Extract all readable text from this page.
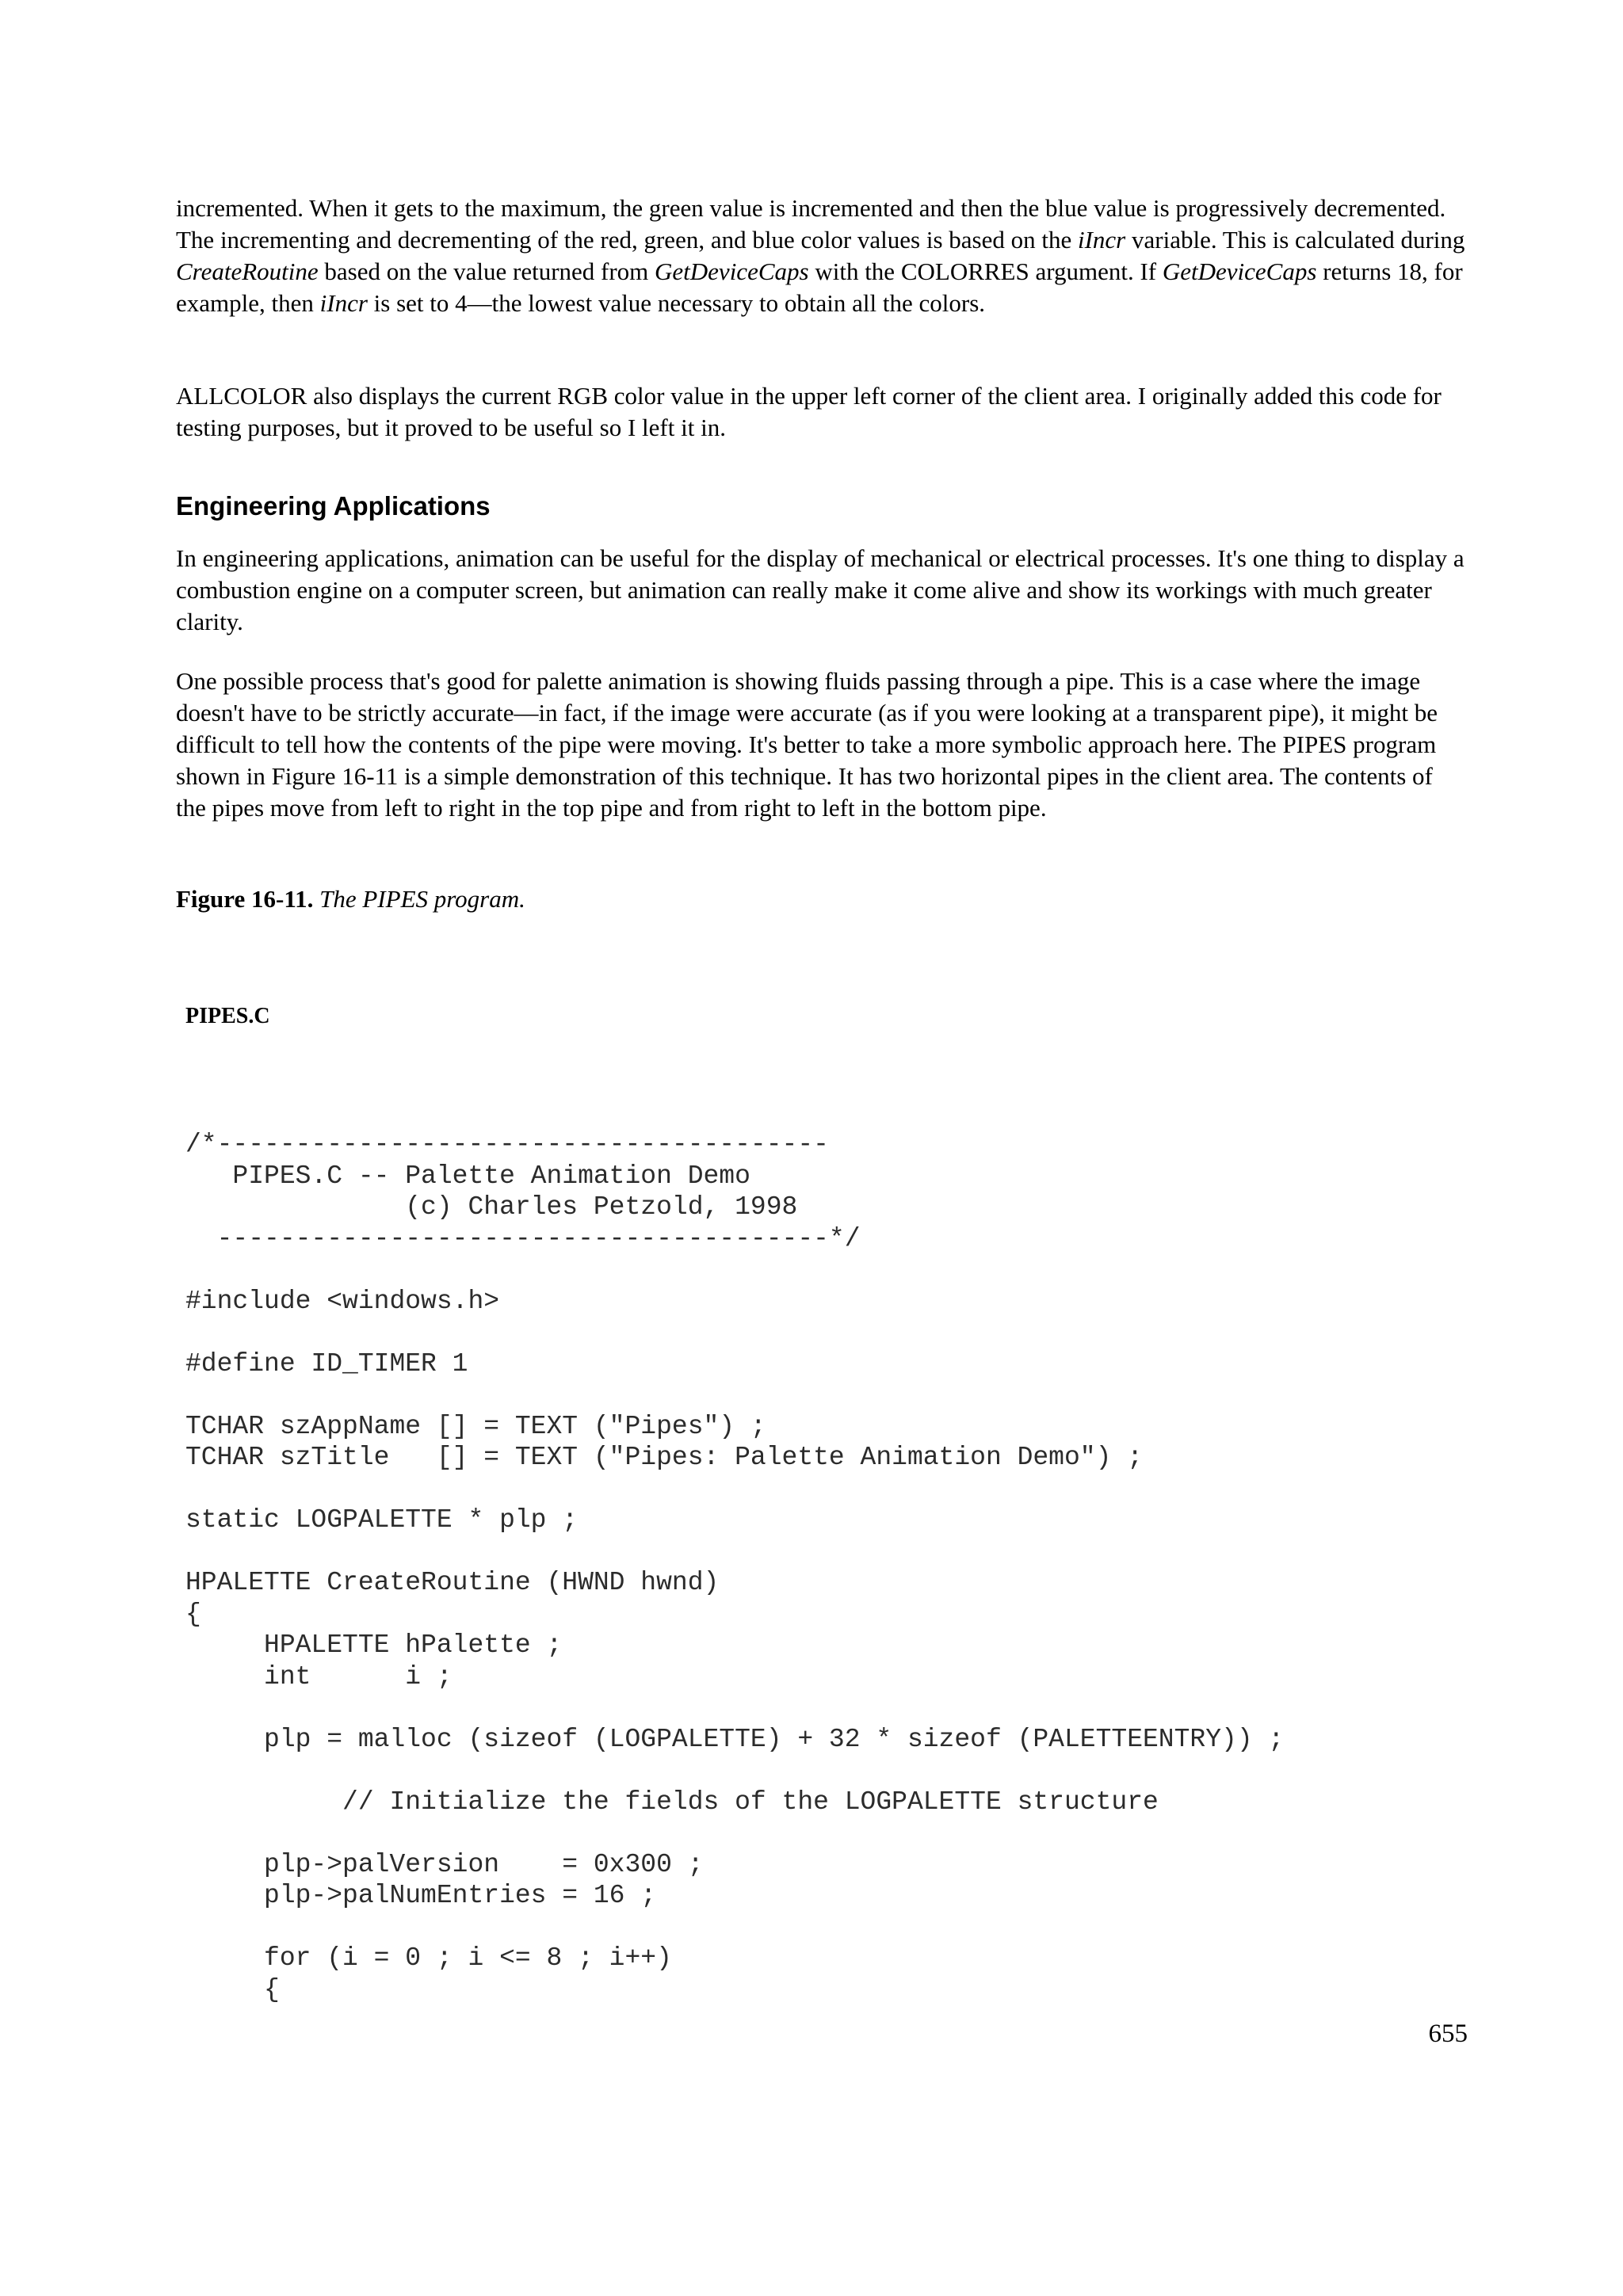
incremented. When it gets to the maximum, the green value is incremented and then the blue value is progressively decremented. The incrementing and decrementing of the red, green, and blue color values is based on the iIncr variable. This is calculated during CreateRoutine based on the value returned from GetDeviceCaps with the COLORRES argument. If GetDeviceCaps returns 18, for example, then iIncr is set to 4—the lowest value necessary to obtain all the colors.

ALLCOLOR also displays the current RGB color value in the upper left corner of the client area. I originally added this code for testing purposes, but it proved to be useful so I left it in.

Engineering Applications

In engineering applications, animation can be useful for the display of mechanical or electrical processes. It's one thing to display a combustion engine on a computer screen, but animation can really make it come alive and show its workings with much greater clarity.

One possible process that's good for palette animation is showing fluids passing through a pipe. This is a case where the image doesn't have to be strictly accurate—in fact, if the image were accurate (as if you were looking at a transparent pipe), it might be difficult to tell how the contents of the pipe were moving. It's better to take a more symbolic approach here. The PIPES program shown in Figure 16-11 is a simple demonstration of this technique. It has two horizontal pipes in the client area. The contents of the pipes move from left to right in the top pipe and from right to left in the bottom pipe.

Figure 16-11. The PIPES program.

PIPES.C

/*---------------------------------------
PIPES.C -- Palette Animation Demo
(c) Charles Petzold, 1998
---------------------------------------*/

#include <windows.h>

#define ID_TIMER 1

TCHAR szAppName [] = TEXT ("Pipes") ;
TCHAR szTitle   [] = TEXT ("Pipes: Palette Animation Demo") ;

static LOGPALETTE * plp ;

HPALETTE CreateRoutine (HWND hwnd)
{
HPALETTE hPalette ;
int      i ;

plp = malloc (sizeof (LOGPALETTE) + 32 * sizeof (PALETTEENTRY)) ;

// Initialize the fields of the LOGPALETTE structure

plp->palVersion    = 0x300 ;
plp->palNumEntries = 16 ;

for (i = 0 ; i <= 8 ; i++)
{

655
